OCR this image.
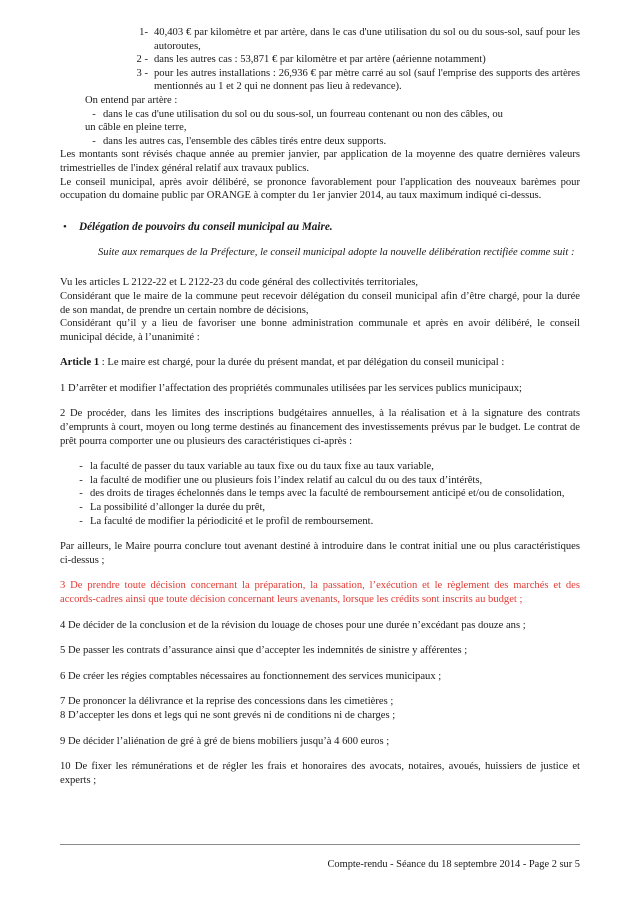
1- 40,403 € par kilomètre et par artère, dans le cas d'une utilisation du sol ou du sous-sol, sauf pour les autoroutes,
2 - dans les autres cas : 53,871 € par kilomètre et par artère (aérienne notamment)
3 - pour les autres installations : 26,936 € par mètre carré au sol (sauf l'emprise des supports des artères mentionnés au 1 et 2 qui ne donnent pas lieu à redevance).

On entend par artère :

- dans le cas d'une utilisation du sol ou du sous-sol, un fourreau contenant ou non des câbles, ou

un câble en pleine terre,

- dans les autres cas, l'ensemble des câbles tirés entre deux supports.

Les montants sont révisés chaque année au premier janvier, par application de la moyenne des quatre dernières valeurs trimestrielles de l'index général relatif aux travaux publics.

Le conseil municipal, après avoir délibéré, se prononce favorablement pour l'application des nouveaux barèmes pour occupation du domaine public par ORANGE à compter du 1er janvier 2014, au taux maximum indiqué ci-dessus.

•	Délégation de pouvoirs du conseil municipal au Maire.

Suite aux remarques de la Préfecture, le conseil municipal adopte la nouvelle délibération rectifiée comme suit :

Vu les articles L 2122-22 et L 2122-23 du code général des collectivités territoriales,

Considérant que le maire de la commune peut recevoir délégation du conseil municipal afin d’être chargé, pour la durée de son mandat, de prendre un certain nombre de décisions,

Considérant qu’il y a lieu de favoriser une bonne administration communale et après en avoir délibéré, le conseil municipal décide, à l’unanimité :

Article 1 : Le maire est chargé, pour la durée du présent mandat, et par délégation du conseil municipal :

1 D’arrêter et modifier l’affectation des propriétés communales utilisées par les services publics municipaux;

2 De procéder, dans les limites des inscriptions budgétaires annuelles, à la réalisation et à la signature des contrats d’emprunts à court, moyen ou long terme destinés au financement des investissements prévus par le budget. Le contrat de prêt pourra comporter une ou plusieurs des caractéristiques ci-après :

- la faculté de passer du taux variable au taux fixe ou du taux fixe au taux variable,
- la faculté de modifier une ou plusieurs fois l’index relatif au calcul du ou des taux d’intérêts,
- des droits de tirages échelonnés dans le temps avec la faculté de remboursement anticipé et/ou de consolidation,
- La possibilité d’allonger la durée du prêt,
- La faculté de modifier la périodicité et le profil de remboursement.

Par ailleurs, le Maire pourra conclure tout avenant destiné à introduire dans le contrat initial une ou plus caractéristiques ci-dessus ;

3 De prendre toute décision concernant la préparation, la passation, l’exécution et le règlement des marchés et des accords-cadres ainsi que toute décision concernant leurs avenants, lorsque les crédits sont inscrits au budget ;

4 De décider de la conclusion et de la révision du louage de choses pour une durée n’excédant pas douze ans ;

5 De passer les contrats d’assurance ainsi que d’accepter les indemnités de sinistre y afférentes ;

6 De créer les régies comptables nécessaires au fonctionnement des services municipaux ;

7 De prononcer la délivrance et la reprise des concessions dans les cimetières ;

8 D’accepter les dons et legs qui ne sont grevés ni de conditions ni de charges ;

9 De décider l’aliénation de gré à gré de biens mobiliers jusqu’à 4 600 euros ;

10 De fixer les rémunérations et de régler les frais et honoraires des avocats, notaires, avoués, huissiers de justice et experts ;

Compte-rendu - Séance du 18 septembre 2014 - Page 2 sur 5
